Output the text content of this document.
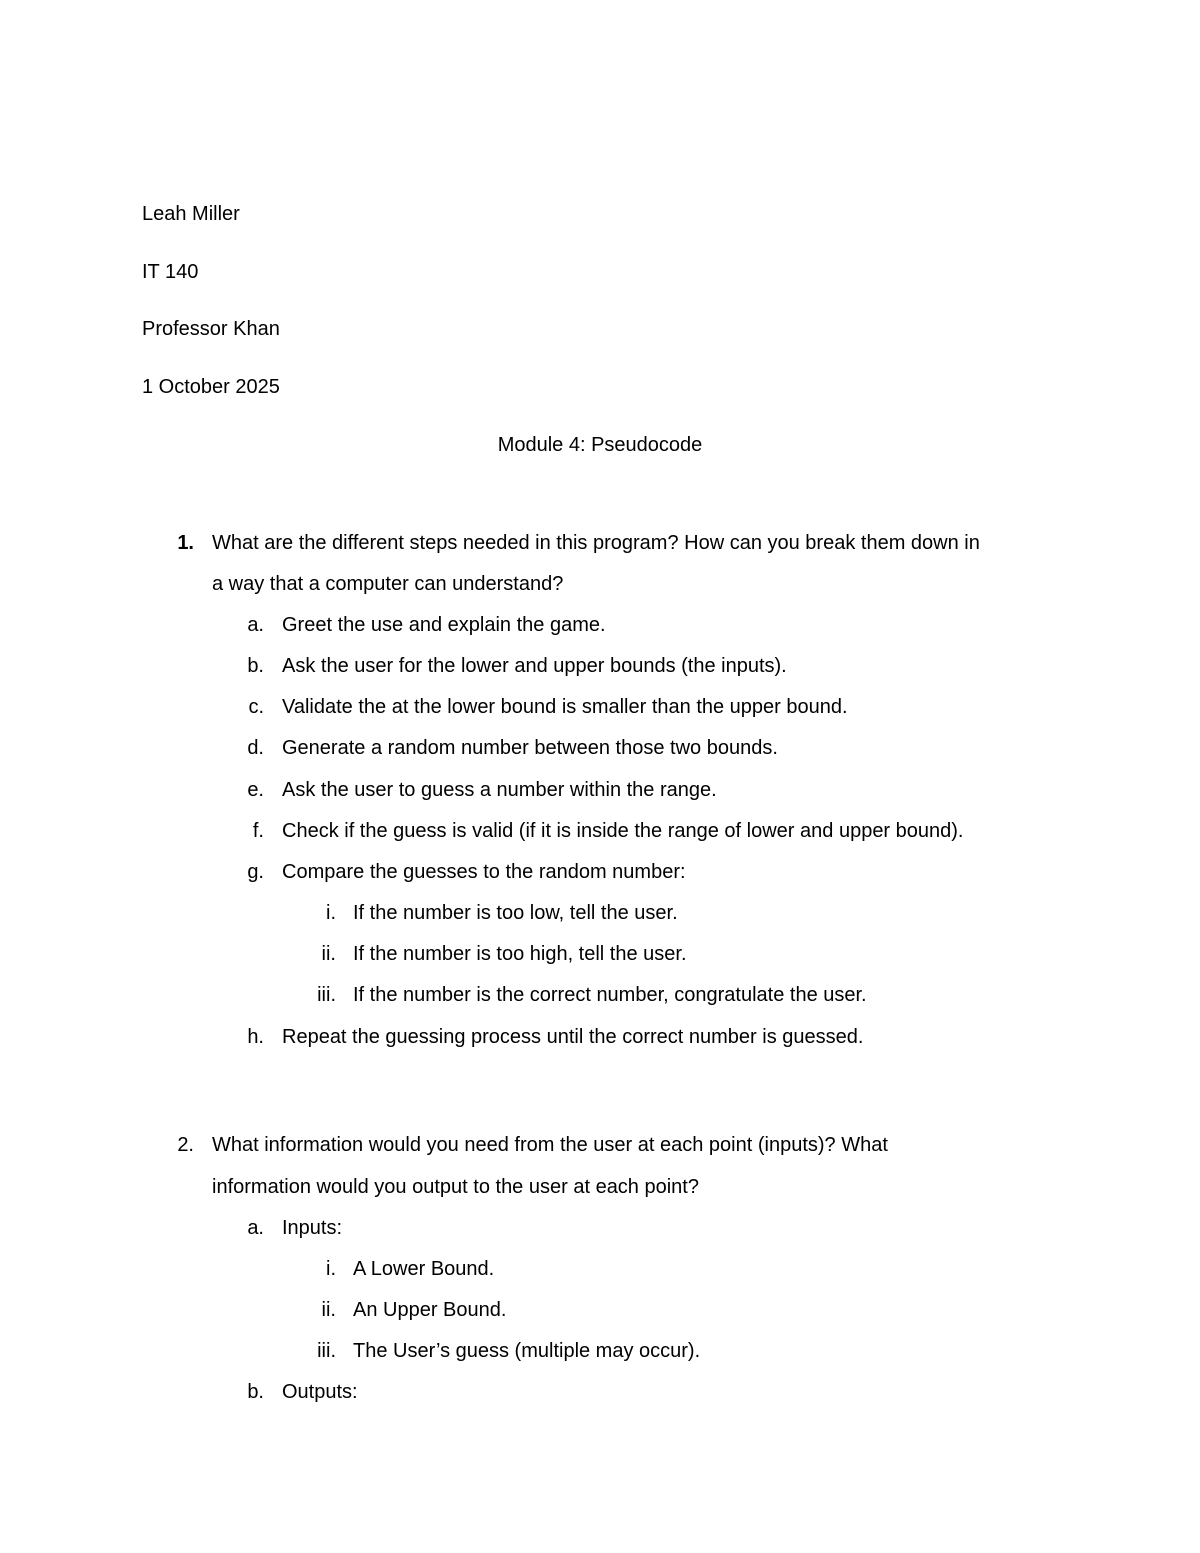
Leah Miller
IT 140
Professor Khan
1 October 2025
Module 4: Pseudocode
1. What are the different steps needed in this program? How can you break them down in
a way that a computer can understand?
a. Greet the use and explain the game.
b. Ask the user for the lower and upper bounds (the inputs).
c. Validate the at the lower bound is smaller than the upper bound.
d. Generate a random number between those two bounds.
e. Ask the user to guess a number within the range.
f. Check if the guess is valid (if it is inside the range of lower and upper bound).
g. Compare the guesses to the random number:
i. If the number is too low, tell the user.
ii. If the number is too high, tell the user.
iii. If the number is the correct number, congratulate the user.
h. Repeat the guessing process until the correct number is guessed.
2. What information would you need from the user at each point (inputs)? What
information would you output to the user at each point?
a. Inputs:
i. A Lower Bound.
ii. An Upper Bound.
iii. The User’s guess (multiple may occur).
b. Outputs:
